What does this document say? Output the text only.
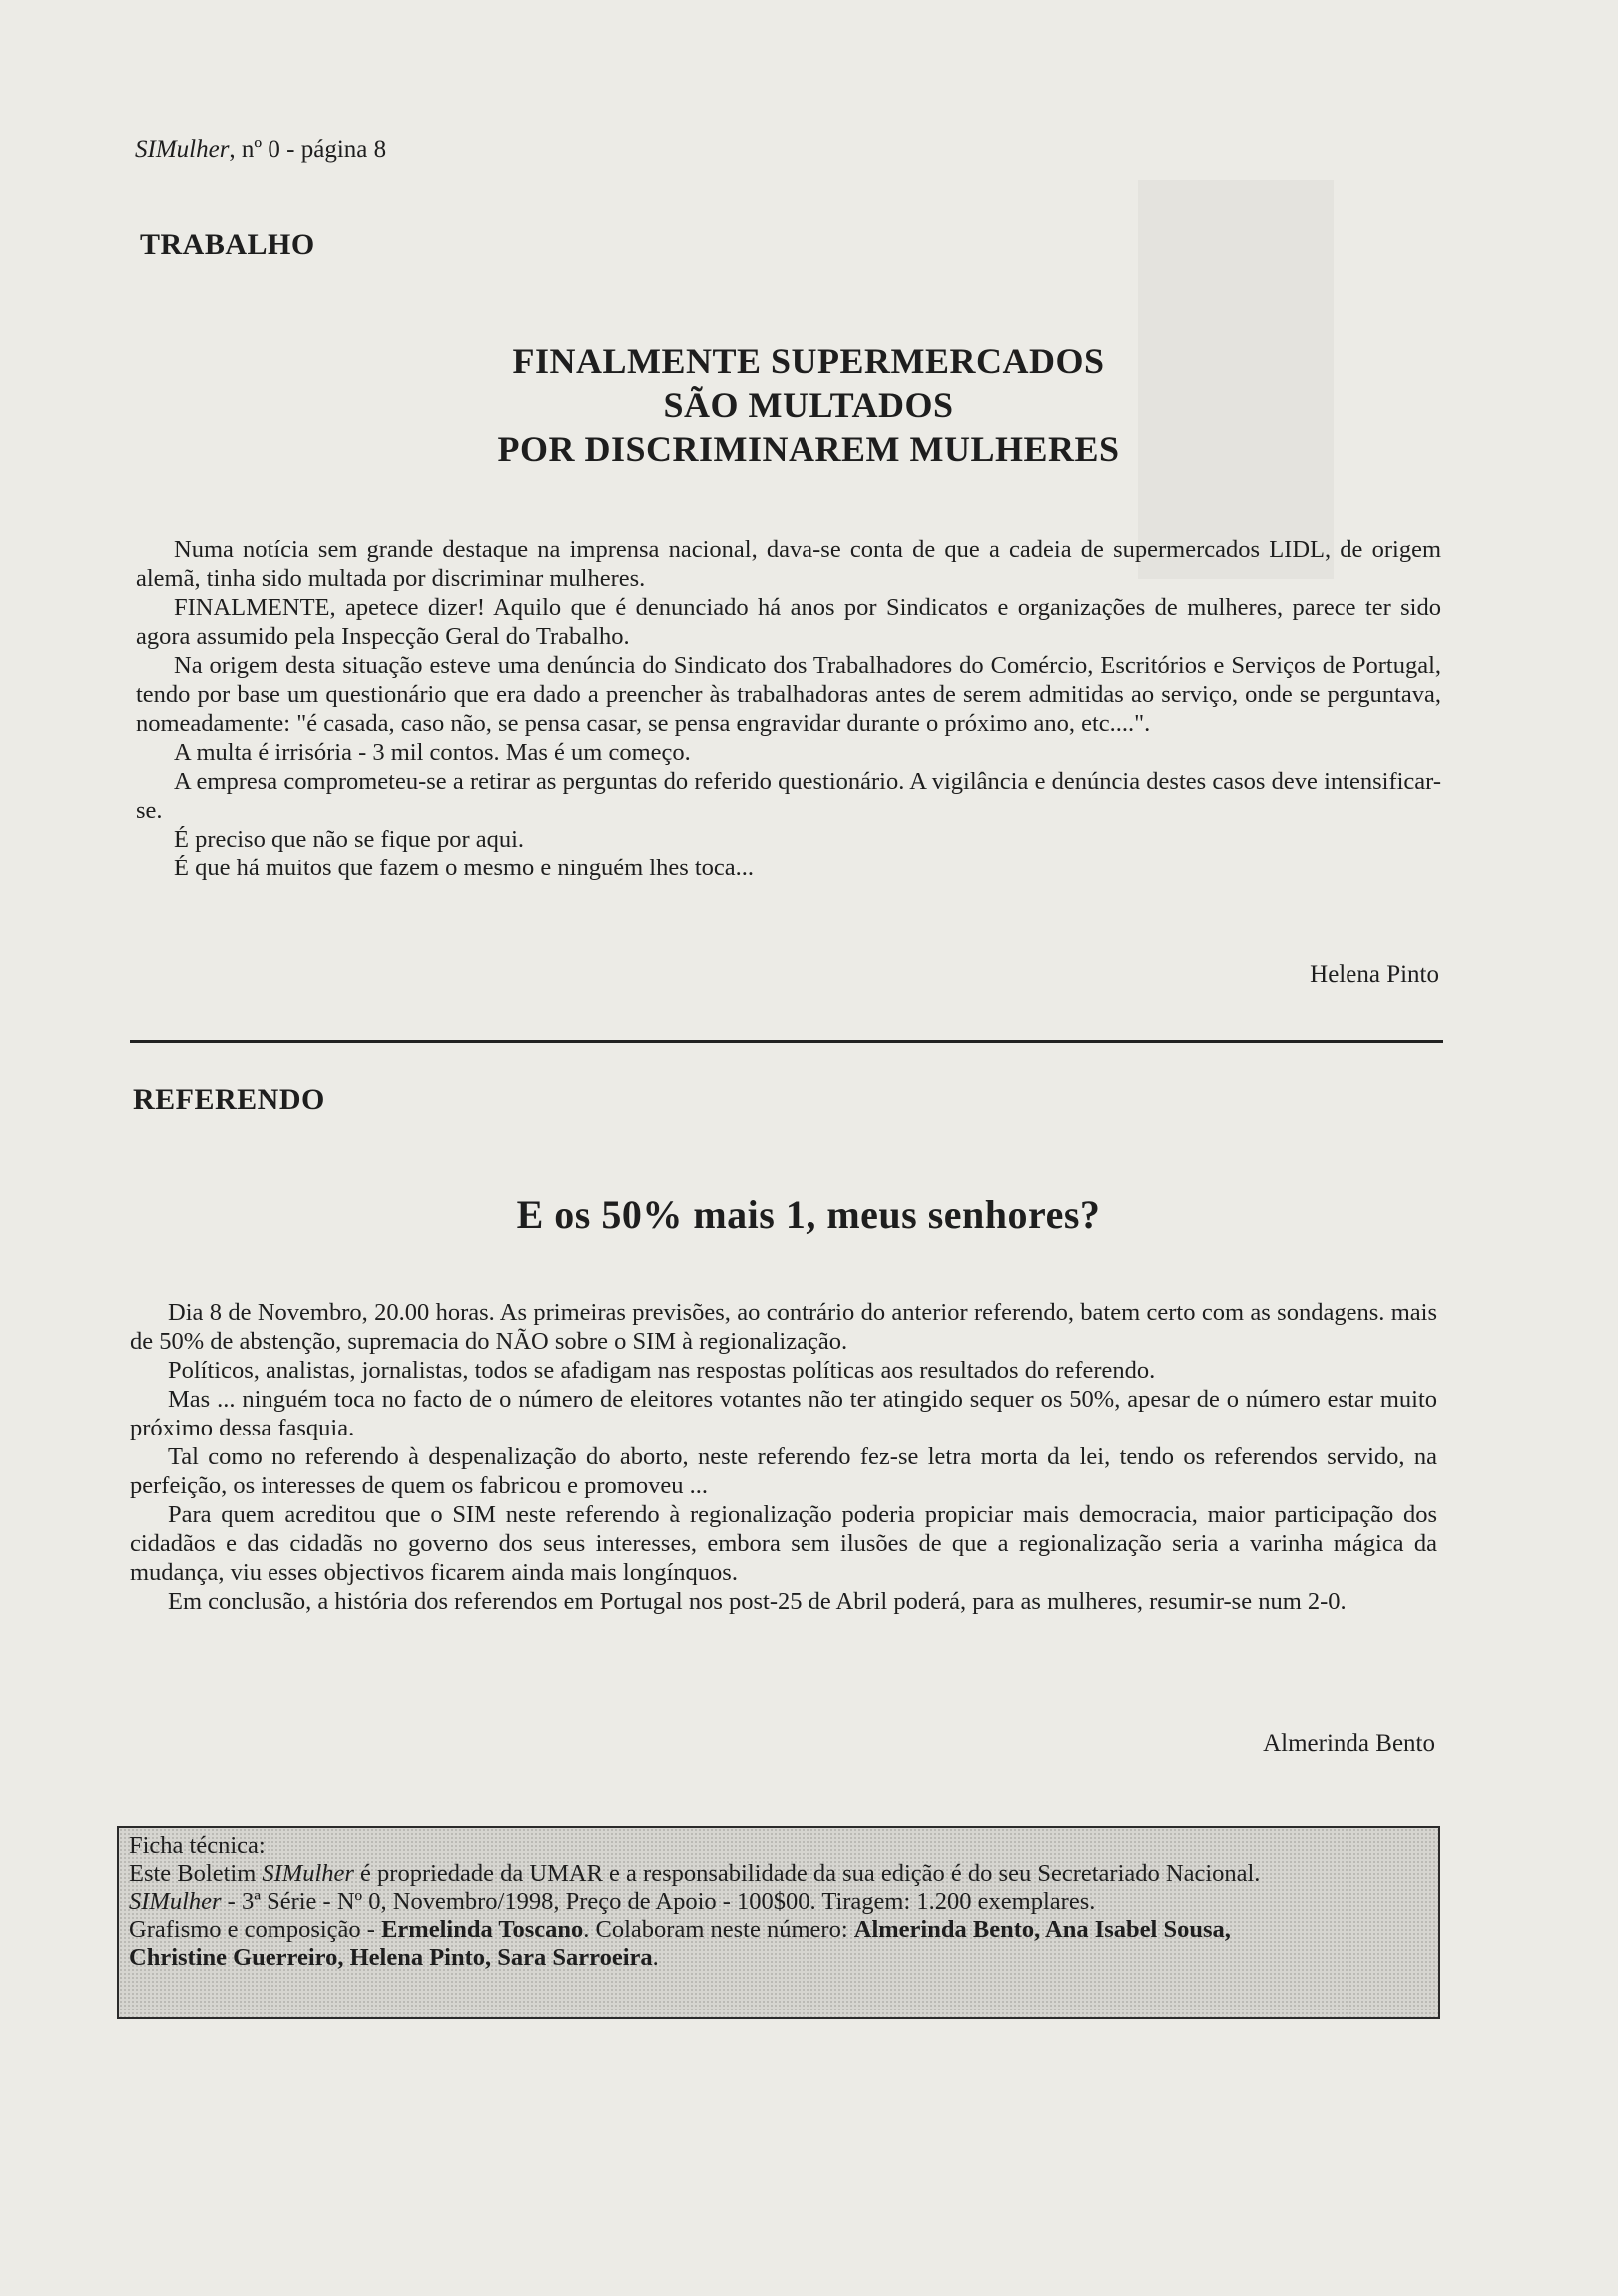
SIMulher, nº 0 - página 8
TRABALHO
FINALMENTE SUPERMERCADOS
SÃO MULTADOS
POR DISCRIMINAREM MULHERES

Numa notícia sem grande destaque na imprensa nacional, dava-se conta de que a cadeia de supermercados LIDL, de origem alemã, tinha sido multada por discriminar mulheres.

FINALMENTE, apetece dizer! Aquilo que é denunciado há anos por Sindicatos e organizações de mulheres, parece ter sido agora assumido pela Inspecção Geral do Trabalho.

Na origem desta situação esteve uma denúncia do Sindicato dos Trabalhadores do Comércio, Escritórios e Serviços de Portugal, tendo por base um questionário que era dado a preencher às trabalhadoras antes de serem admitidas ao serviço, onde se perguntava, nomeadamente: "é casada, caso não, se pensa casar, se pensa engravidar durante o próximo ano, etc....".

A multa é irrisória - 3 mil contos. Mas é um começo.

A empresa comprometeu-se a retirar as perguntas do referido questionário. A vigilância e denúncia destes casos deve intensificar-se.

É preciso que não se fique por aqui.

É que há muitos que fazem o mesmo e ninguém lhes toca...

Helena Pinto
REFERENDO
E os 50% mais 1, meus senhores?

Dia 8 de Novembro, 20.00 horas. As primeiras previsões, ao contrário do anterior referendo, batem certo com as sondagens. mais de 50% de abstenção, supremacia do NÃO sobre o SIM à regionalização.

Políticos, analistas, jornalistas, todos se afadigam nas respostas políticas aos resultados do referendo.

Mas ... ninguém toca no facto de o número de eleitores votantes não ter atingido sequer os 50%, apesar de o número estar muito próximo dessa fasquia.

Tal como no referendo à despenalização do aborto, neste referendo fez-se letra morta da lei, tendo os referendos servido, na perfeição, os interesses de quem os fabricou e promoveu ...

Para quem acreditou que o SIM neste referendo à regionalização poderia propiciar mais democracia, maior participação dos cidadãos e das cidadãs no governo dos seus interesses, embora sem ilusões de que a regionalização seria a varinha mágica da mudança, viu esses objectivos ficarem ainda mais longínquos.

Em conclusão, a história dos referendos em Portugal nos post-25 de Abril poderá, para as mulheres, resumir-se num 2-0.

Almerinda Bento
Ficha técnica:
Este Boletim SIMulher é propriedade da UMAR e a responsabilidade da sua edição é do seu Secretariado Nacional.
SIMulher - 3ª Série - Nº 0, Novembro/1998, Preço de Apoio - 100$00. Tiragem: 1.200 exemplares.
Grafismo e composição - Ermelinda Toscano. Colaboram neste número: Almerinda Bento, Ana Isabel Sousa,
Christine Guerreiro, Helena Pinto, Sara Sarroeira.
